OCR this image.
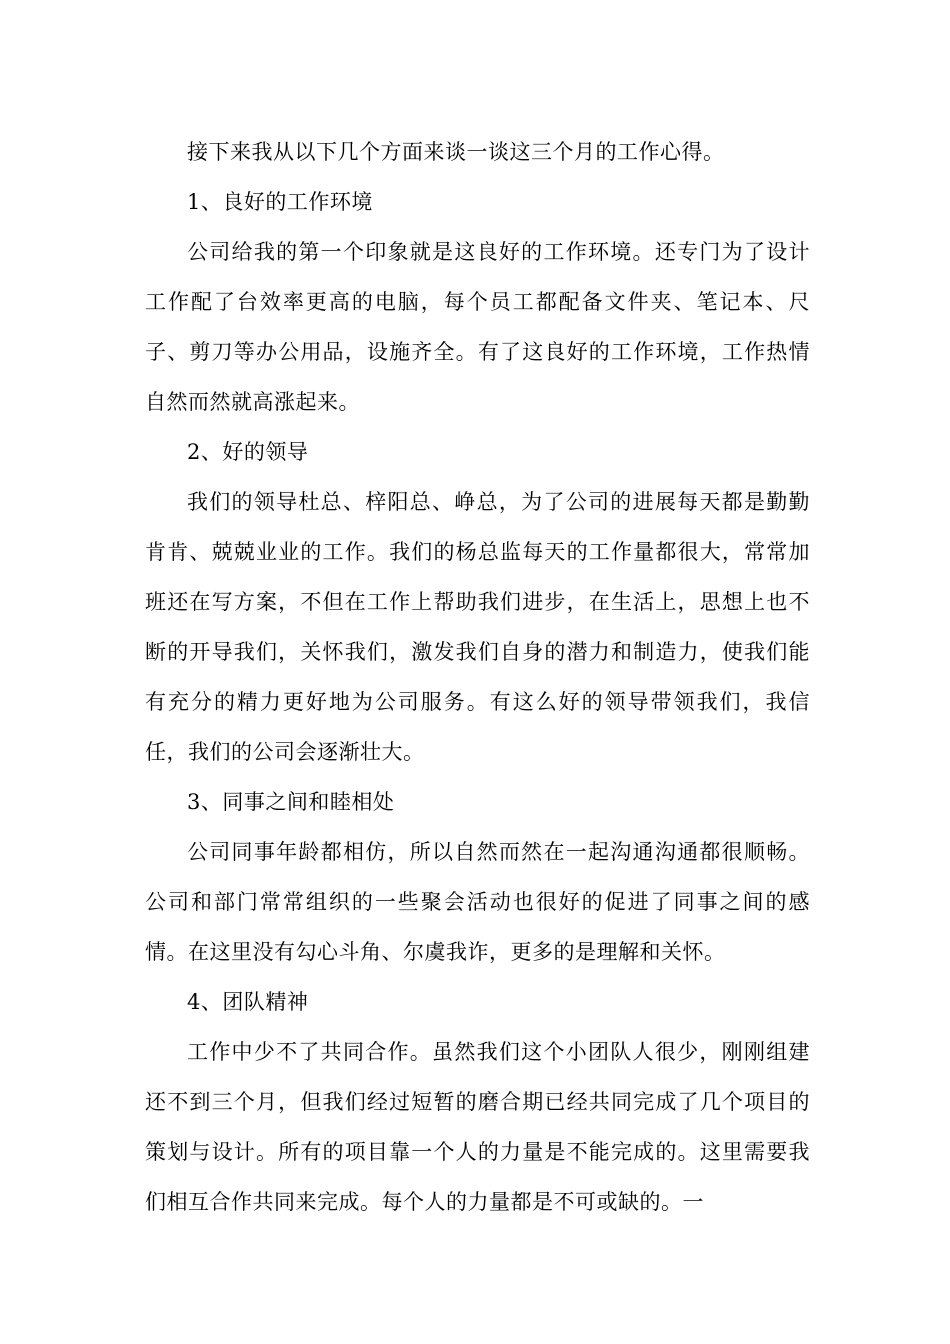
接下来我从以下几个方面来谈一谈这三个月的工作心得。

1、良好的工作环境

公司给我的第一个印象就是这良好的工作环境。还专门为了设计工作配了台效率更高的电脑，每个员工都配备文件夹、笔记本、尺子、剪刀等办公用品，设施齐全。有了这良好的工作环境，工作热情自然而然就高涨起来。

2、好的领导

我们的领导杜总、梓阳总、峥总，为了公司的进展每天都是勤勤肯肯、兢兢业业的工作。我们的杨总监每天的工作量都很大，常常加班还在写方案，不但在工作上帮助我们进步，在生活上，思想上也不断的开导我们，关怀我们，激发我们自身的潜力和制造力，使我们能有充分的精力更好地为公司服务。有这么好的领导带领我们，我信任，我们的公司会逐渐壮大。

3、同事之间和睦相处

公司同事年龄都相仿，所以自然而然在一起沟通沟通都很顺畅。公司和部门常常组织的一些聚会活动也很好的促进了同事之间的感情。在这里没有勾心斗角、尔虞我诈，更多的是理解和关怀。

4、团队精神

工作中少不了共同合作。虽然我们这个小团队人很少，刚刚组建还不到三个月，但我们经过短暂的磨合期已经共同完成了几个项目的策划与设计。所有的项目靠一个人的力量是不能完成的。这里需要我们相互合作共同来完成。每个人的力量都是不可或缺的。一
